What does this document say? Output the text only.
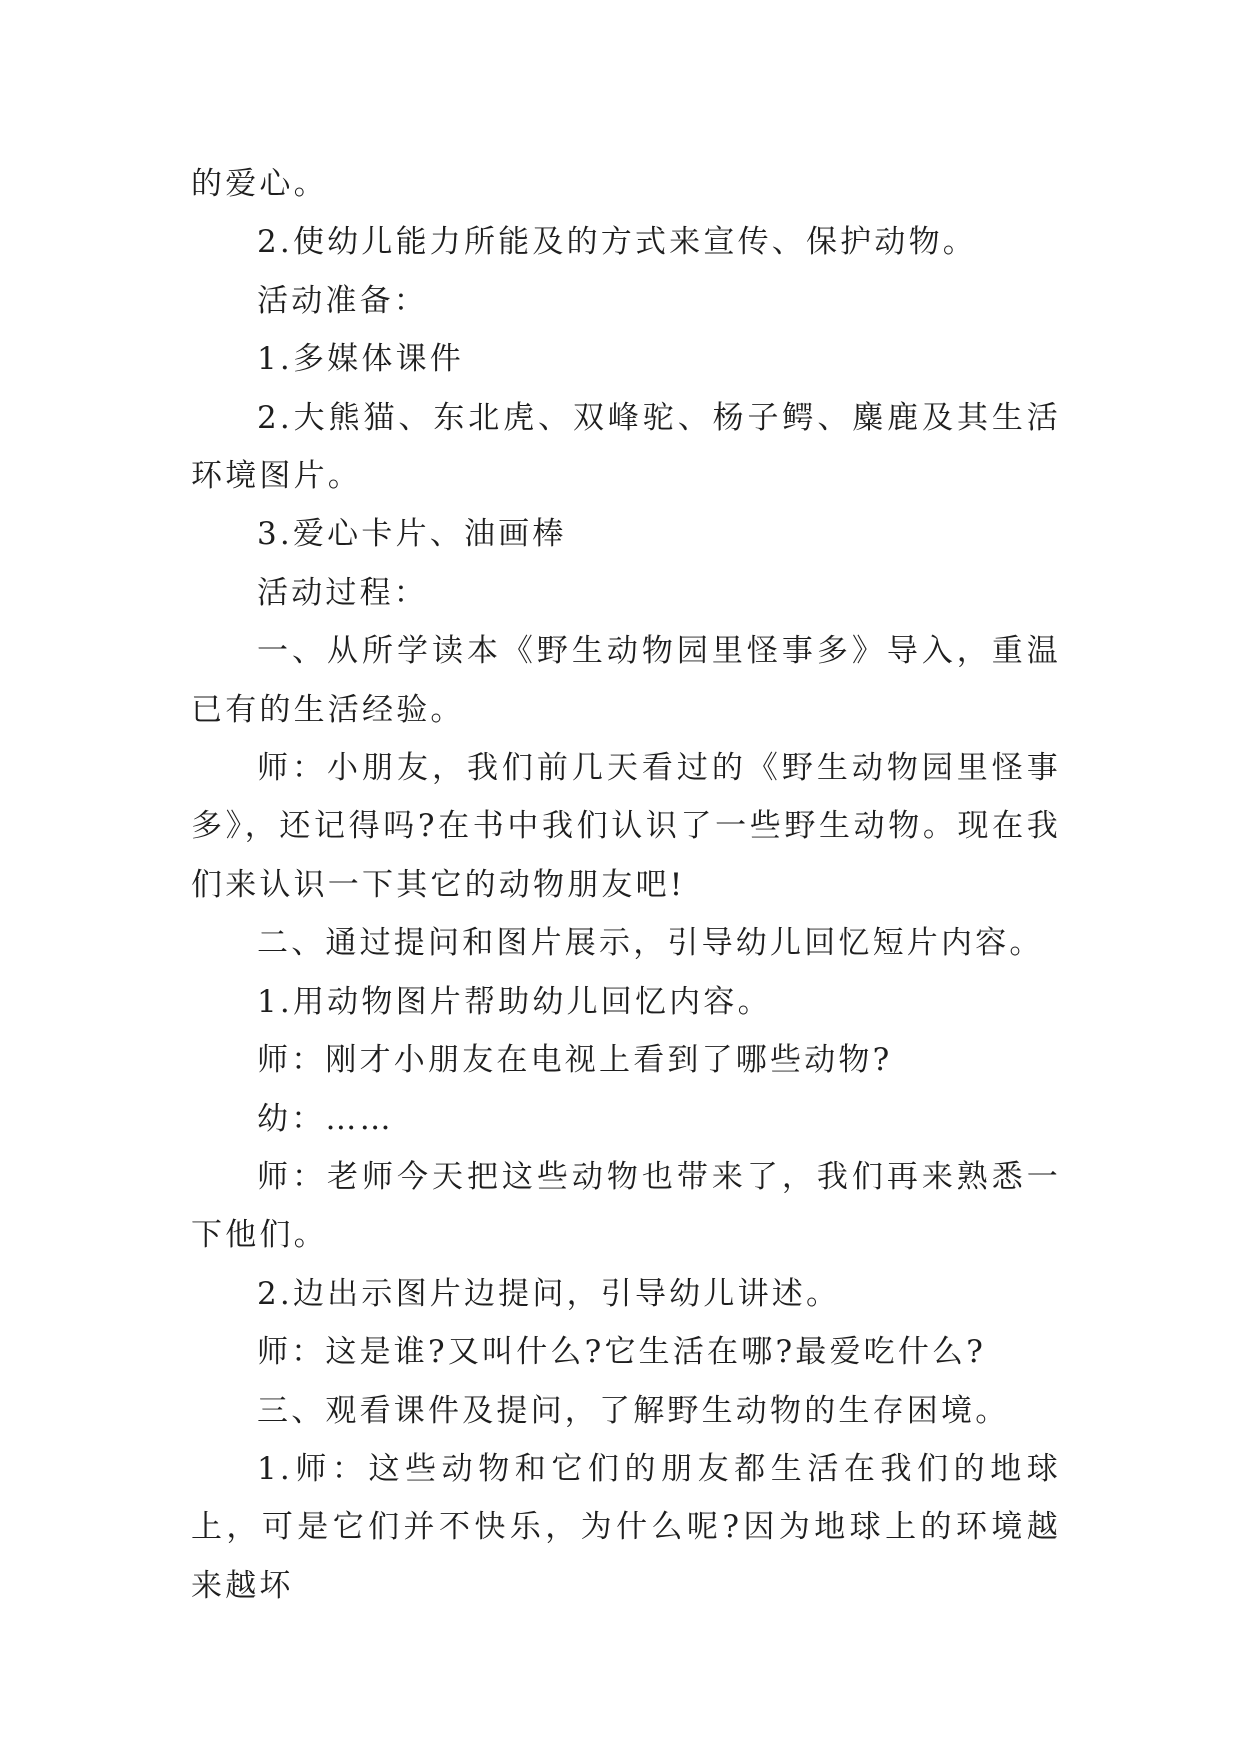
的爱心。

2.使幼儿能力所能及的方式来宣传、保护动物。

活动准备：

1.多媒体课件

2.大熊猫、东北虎、双峰驼、杨子鳄、麋鹿及其生活环境图片。

3.爱心卡片、油画棒

活动过程：

一、从所学读本《野生动物园里怪事多》导入，重温已有的生活经验。

师：小朋友，我们前几天看过的《野生动物园里怪事多》，还记得吗?在书中我们认识了一些野生动物。现在我们来认识一下其它的动物朋友吧!

二、通过提问和图片展示，引导幼儿回忆短片内容。

1.用动物图片帮助幼儿回忆内容。

师：刚才小朋友在电视上看到了哪些动物?

幼：……

师：老师今天把这些动物也带来了，我们再来熟悉一下他们。

2.边出示图片边提问，引导幼儿讲述。

师：这是谁?又叫什么?它生活在哪?最爱吃什么?

三、观看课件及提问，了解野生动物的生存困境。

1.师：这些动物和它们的朋友都生活在我们的地球上，可是它们并不快乐，为什么呢?因为地球上的环境越来越坏
